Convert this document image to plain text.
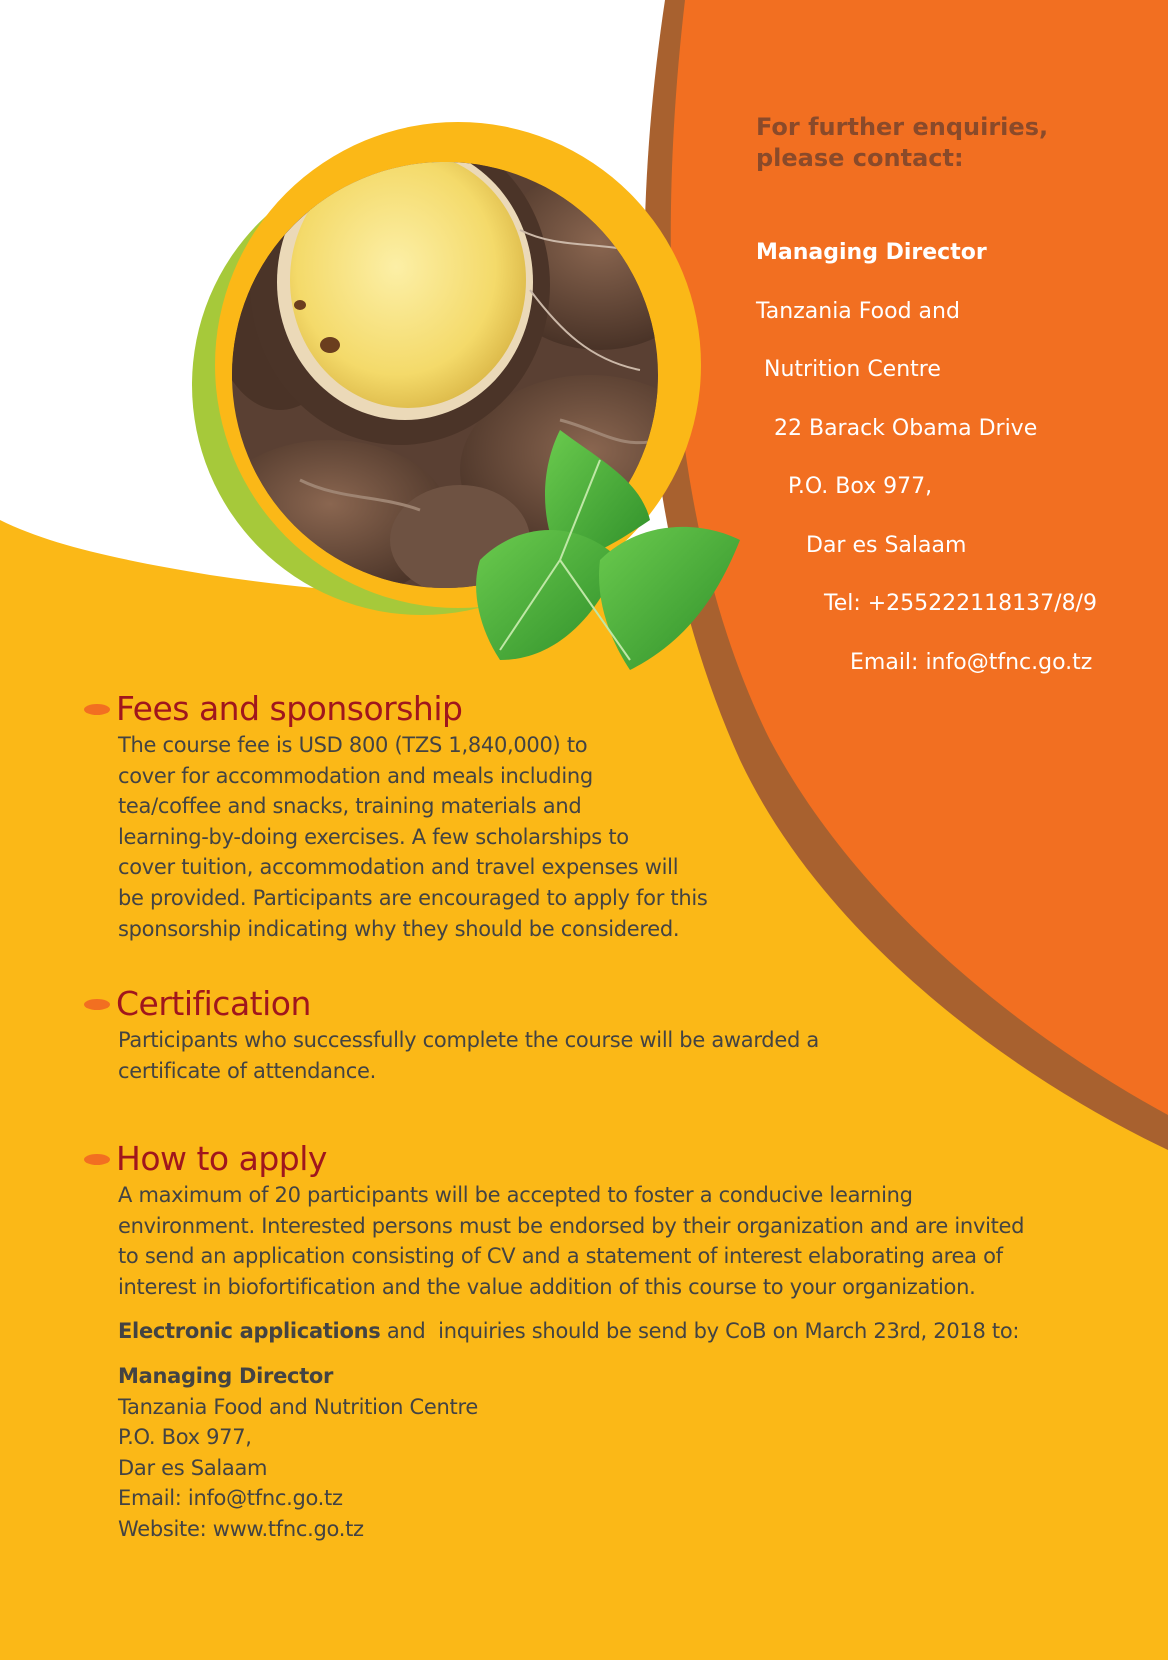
For further enquiries,
please contact:
Managing Director
Tanzania Food and
Nutrition Centre
22 Barack Obama Drive
P.O. Box 977,
Dar es Salaam
Tel: +255222118137/8/9
Email: info@tfnc.go.tz
Fees and sponsorship
The course fee is USD 800 (TZS 1,840,000) to
cover for accommodation and meals including
tea/coffee and snacks, training materials and
learning-by-doing exercises. A few scholarships to
cover tuition, accommodation and travel expenses will
be provided. Participants are encouraged to apply for this
sponsorship indicating why they should be considered.
Certification
Participants who successfully complete the course will be awarded a
certificate of attendance.
How to apply
A maximum of 20 participants will be accepted to foster a conducive learning
environment. Interested persons must be endorsed by their organization and are invited
to send an application consisting of CV and a statement of interest elaborating area of
interest in biofortification and the value addition of this course to your organization.
Electronic applications and  inquiries should be send by CoB on March 23rd, 2018 to:
Managing Director
Tanzania Food and Nutrition Centre
P.O. Box 977,
Dar es Salaam
Email: info@tfnc.go.tz
Website: www.tfnc.go.tz
